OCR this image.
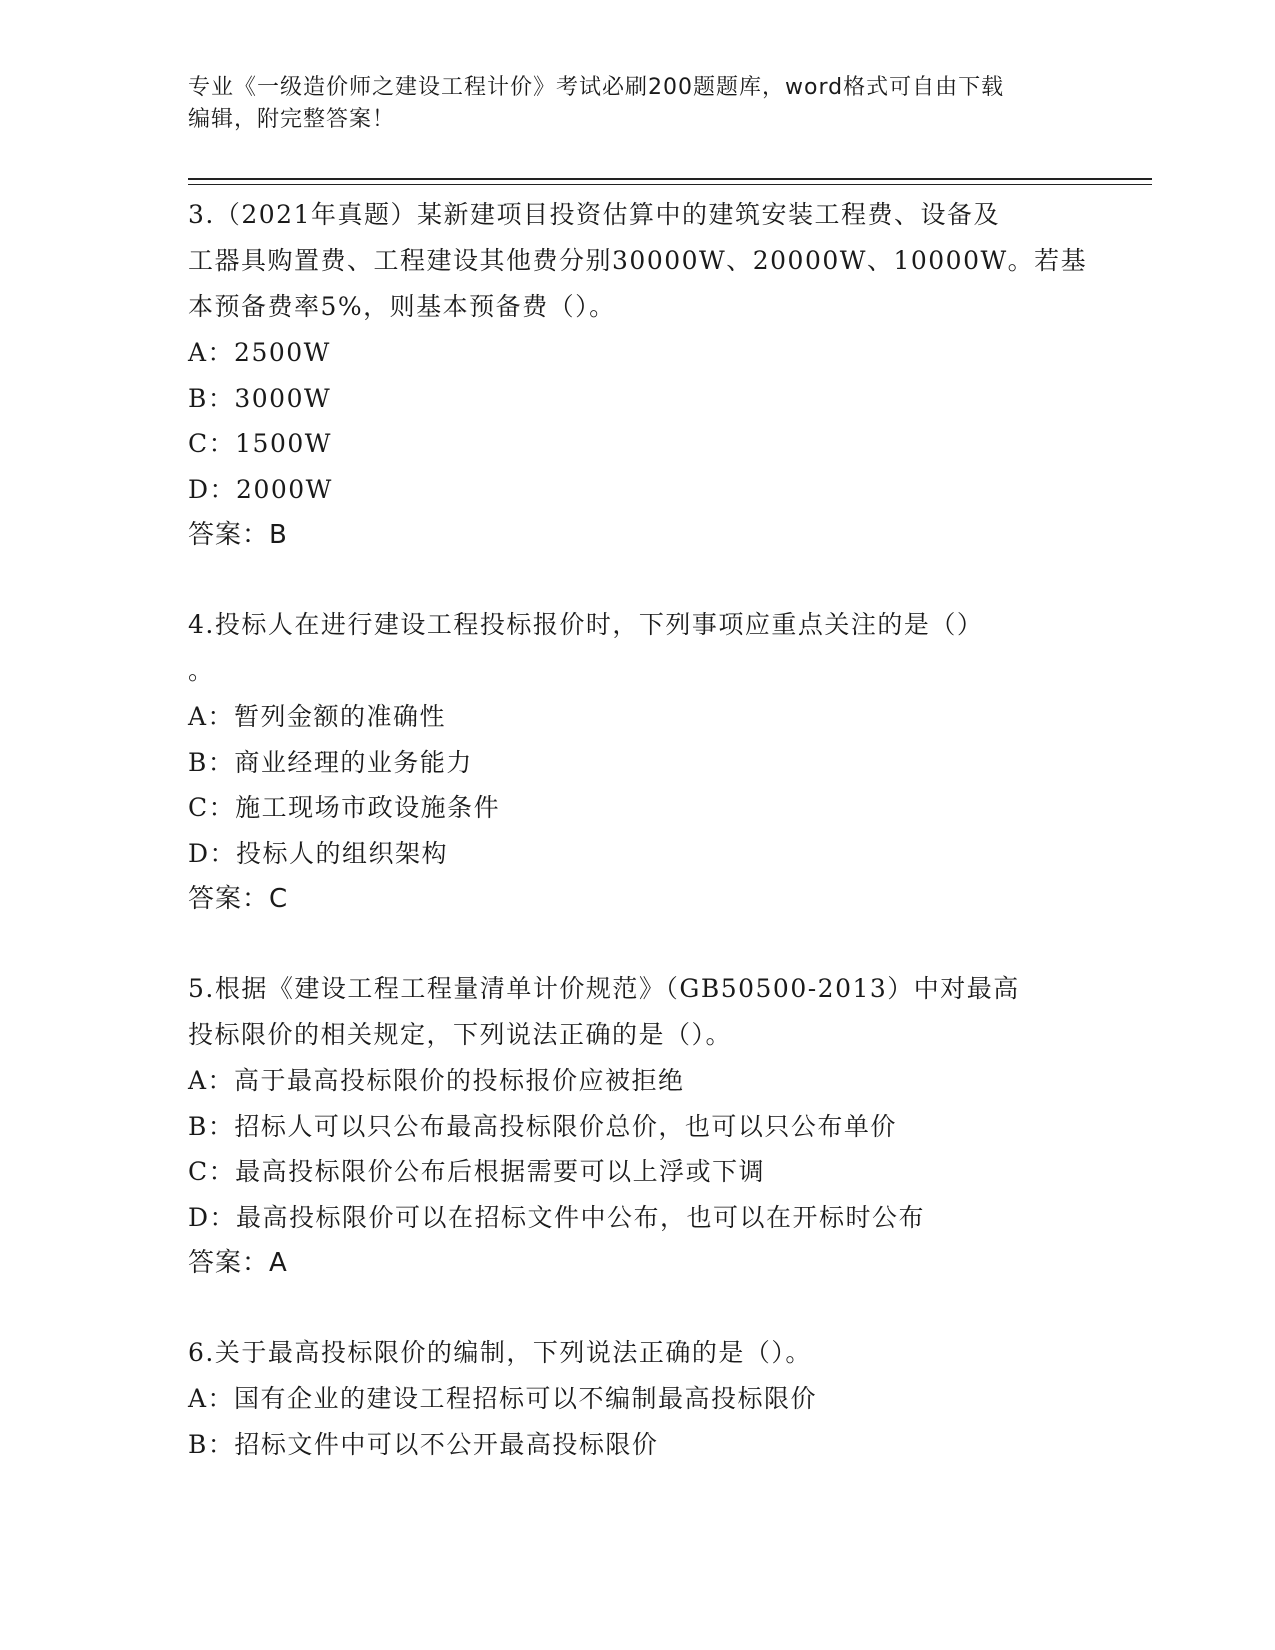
专业《一级造价师之建设工程计价》考试必刷200题题库，word格式可自由下载
编辑，附完整答案！

3.（2021年真题）某新建项目投资估算中的建筑安装工程费、设备及

工器具购置费、工程建设其他费分别30000W、20000W、10000W。若基

本预备费率5%，则基本预备费（）。

A：2500W

B：3000W

C：1500W

D：2000W

答案：B

4.投标人在进行建设工程投标报价时，下列事项应重点关注的是（）

。

A：暂列金额的准确性

B：商业经理的业务能力

C：施工现场市政设施条件

D：投标人的组织架构

答案：C

5.根据《建设工程工程量清单计价规范》（GB50500-2013）中对最高

投标限价的相关规定，下列说法正确的是（）。

A：高于最高投标限价的投标报价应被拒绝

B：招标人可以只公布最高投标限价总价，也可以只公布单价

C：最高投标限价公布后根据需要可以上浮或下调

D：最高投标限价可以在招标文件中公布，也可以在开标时公布

答案：A

6.关于最高投标限价的编制，下列说法正确的是（）。

A：国有企业的建设工程招标可以不编制最高投标限价

B：招标文件中可以不公开最高投标限价
